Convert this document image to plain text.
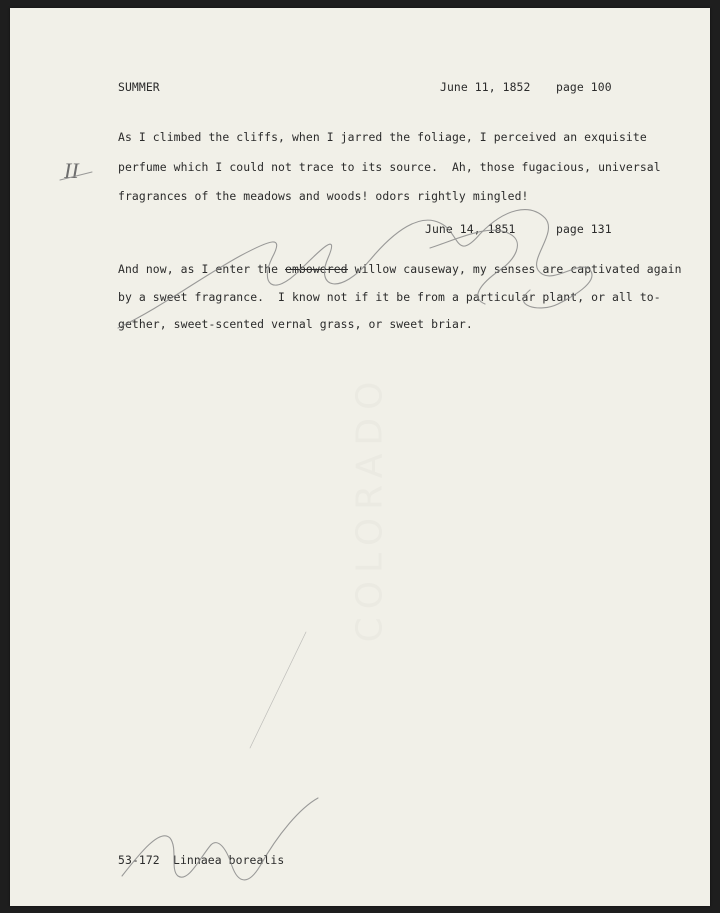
COLORADO
SUMMER	June 11, 1852 page 100
II
As I climbed the cliffs, when I jarred the foliage, I perceived an exquisite
perfume which I could not trace to its source.  Ah, those fugacious, universal
fragrances of the meadows and woods! odors rightly mingled!
June 14, 1851	page 131
And now, as I enter the embowered willow causeway, my senses are captivated again
by a sweet fragrance.  I know not if it be from a particular plant, or all to-
gether, sweet-scented vernal grass, or sweet briar.
53-172 Linnaea borealis
